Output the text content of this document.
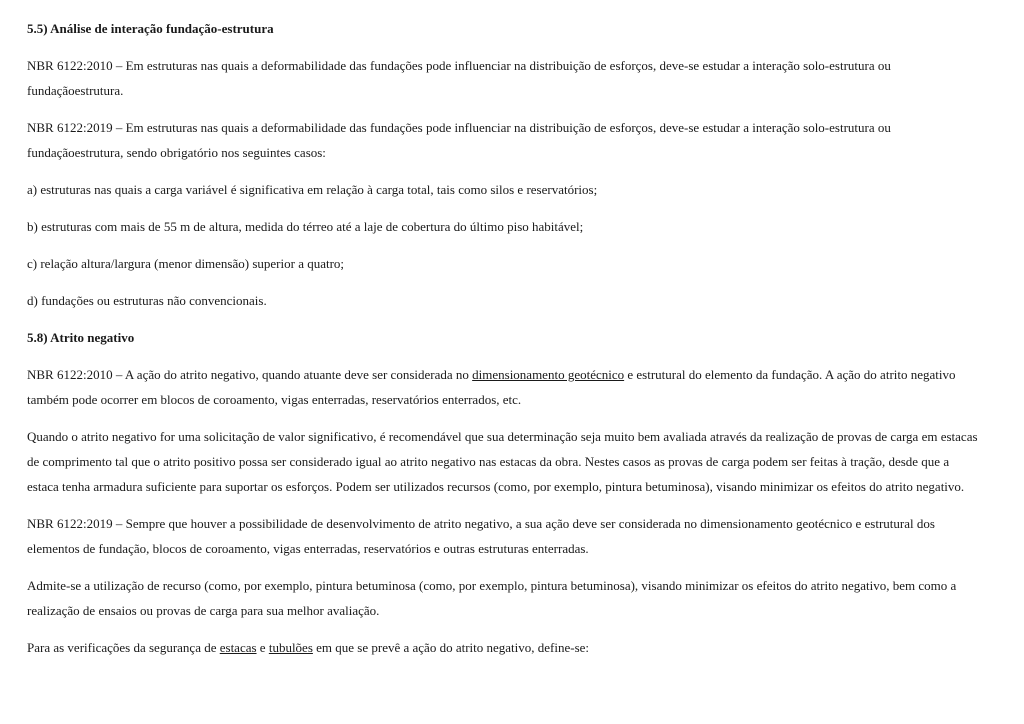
5.5) Análise de interação fundação-estrutura

NBR 6122:2010 – Em estruturas nas quais a deformabilidade das fundações pode influenciar na distribuição de esforços, deve-se estudar a interação solo-estrutura ou fundaçãoestrutura.

NBR 6122:2019 – Em estruturas nas quais a deformabilidade das fundações pode influenciar na distribuição de esforços, deve-se estudar a interação solo-estrutura ou fundaçãoestrutura, sendo obrigatório nos seguintes casos:

a) estruturas nas quais a carga variável é significativa em relação à carga total, tais como silos e reservatórios;

b) estruturas com mais de 55 m de altura, medida do térreo até a laje de cobertura do último piso habitável;

c) relação altura/largura (menor dimensão) superior a quatro;

d) fundações ou estruturas não convencionais.

5.8) Atrito negativo

NBR 6122:2010 – A ação do atrito negativo, quando atuante deve ser considerada no dimensionamento geotécnico e estrutural do elemento da fundação. A ação do atrito negativo também pode ocorrer em blocos de coroamento, vigas enterradas, reservatórios enterrados, etc.

Quando o atrito negativo for uma solicitação de valor significativo, é recomendável que sua determinação seja muito bem avaliada através da realização de provas de carga em estacas de comprimento tal que o atrito positivo possa ser considerado igual ao atrito negativo nas estacas da obra. Nestes casos as provas de carga podem ser feitas à tração, desde que a estaca tenha armadura suficiente para suportar os esforços. Podem ser utilizados recursos (como, por exemplo, pintura betuminosa), visando minimizar os efeitos do atrito negativo.

NBR 6122:2019 – Sempre que houver a possibilidade de desenvolvimento de atrito negativo, a sua ação deve ser considerada no dimensionamento geotécnico e estrutural dos elementos de fundação, blocos de coroamento, vigas enterradas, reservatórios e outras estruturas enterradas.

Admite-se a utilização de recurso (como, por exemplo, pintura betuminosa (como, por exemplo, pintura betuminosa), visando minimizar os efeitos do atrito negativo, bem como a realização de ensaios ou provas de carga para sua melhor avaliação.

Para as verificações da segurança de estacas e tubulões em que se prevê a ação do atrito negativo, define-se:
